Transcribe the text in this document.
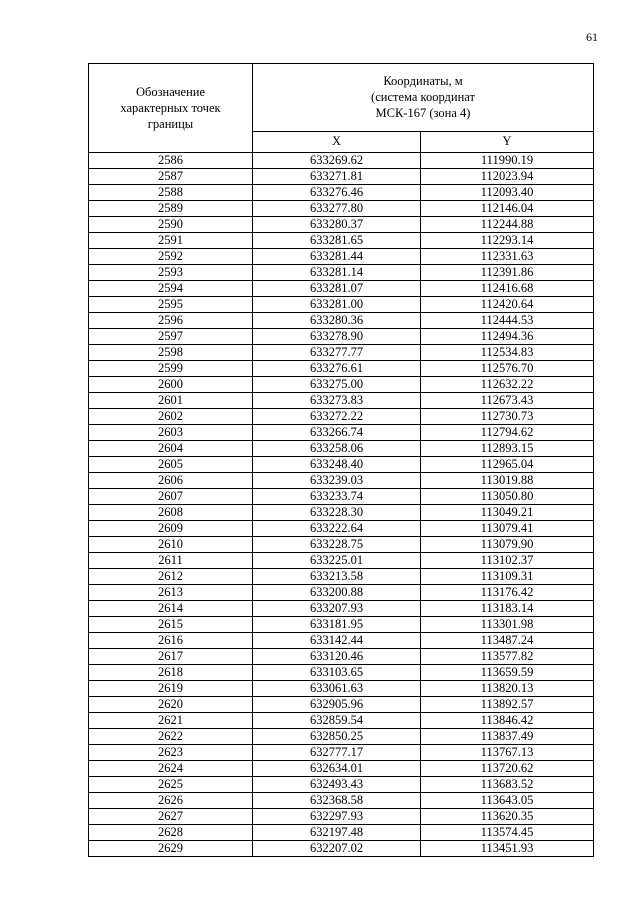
61
Обозначение характерных точек границы	Координаты, м
(система координат
МСК-167 (зона 4)	
	X	Y
2586	633269.62	111990.19
2587	633271.81	112023.94
2588	633276.46	112093.40
2589	633277.80	112146.04
2590	633280.37	112244.88
2591	633281.65	112293.14
2592	633281.44	112331.63
2593	633281.14	112391.86
2594	633281.07	112416.68
2595	633281.00	112420.64
2596	633280.36	112444.53
2597	633278.90	112494.36
2598	633277.77	112534.83
2599	633276.61	112576.70
2600	633275.00	112632.22
2601	633273.83	112673.43
2602	633272.22	112730.73
2603	633266.74	112794.62
2604	633258.06	112893.15
2605	633248.40	112965.04
2606	633239.03	113019.88
2607	633233.74	113050.80
2608	633228.30	113049.21
2609	633222.64	113079.41
2610	633228.75	113079.90
2611	633225.01	113102.37
2612	633213.58	113109.31
2613	633200.88	113176.42
2614	633207.93	113183.14
2615	633181.95	113301.98
2616	633142.44	113487.24
2617	633120.46	113577.82
2618	633103.65	113659.59
2619	633061.63	113820.13
2620	632905.96	113892.57
2621	632859.54	113846.42
2622	632850.25	113837.49
2623	632777.17	113767.13
2624	632634.01	113720.62
2625	632493.43	113683.52
2626	632368.58	113643.05
2627	632297.93	113620.35
2628	632197.48	113574.45
2629	632207.02	113451.93
